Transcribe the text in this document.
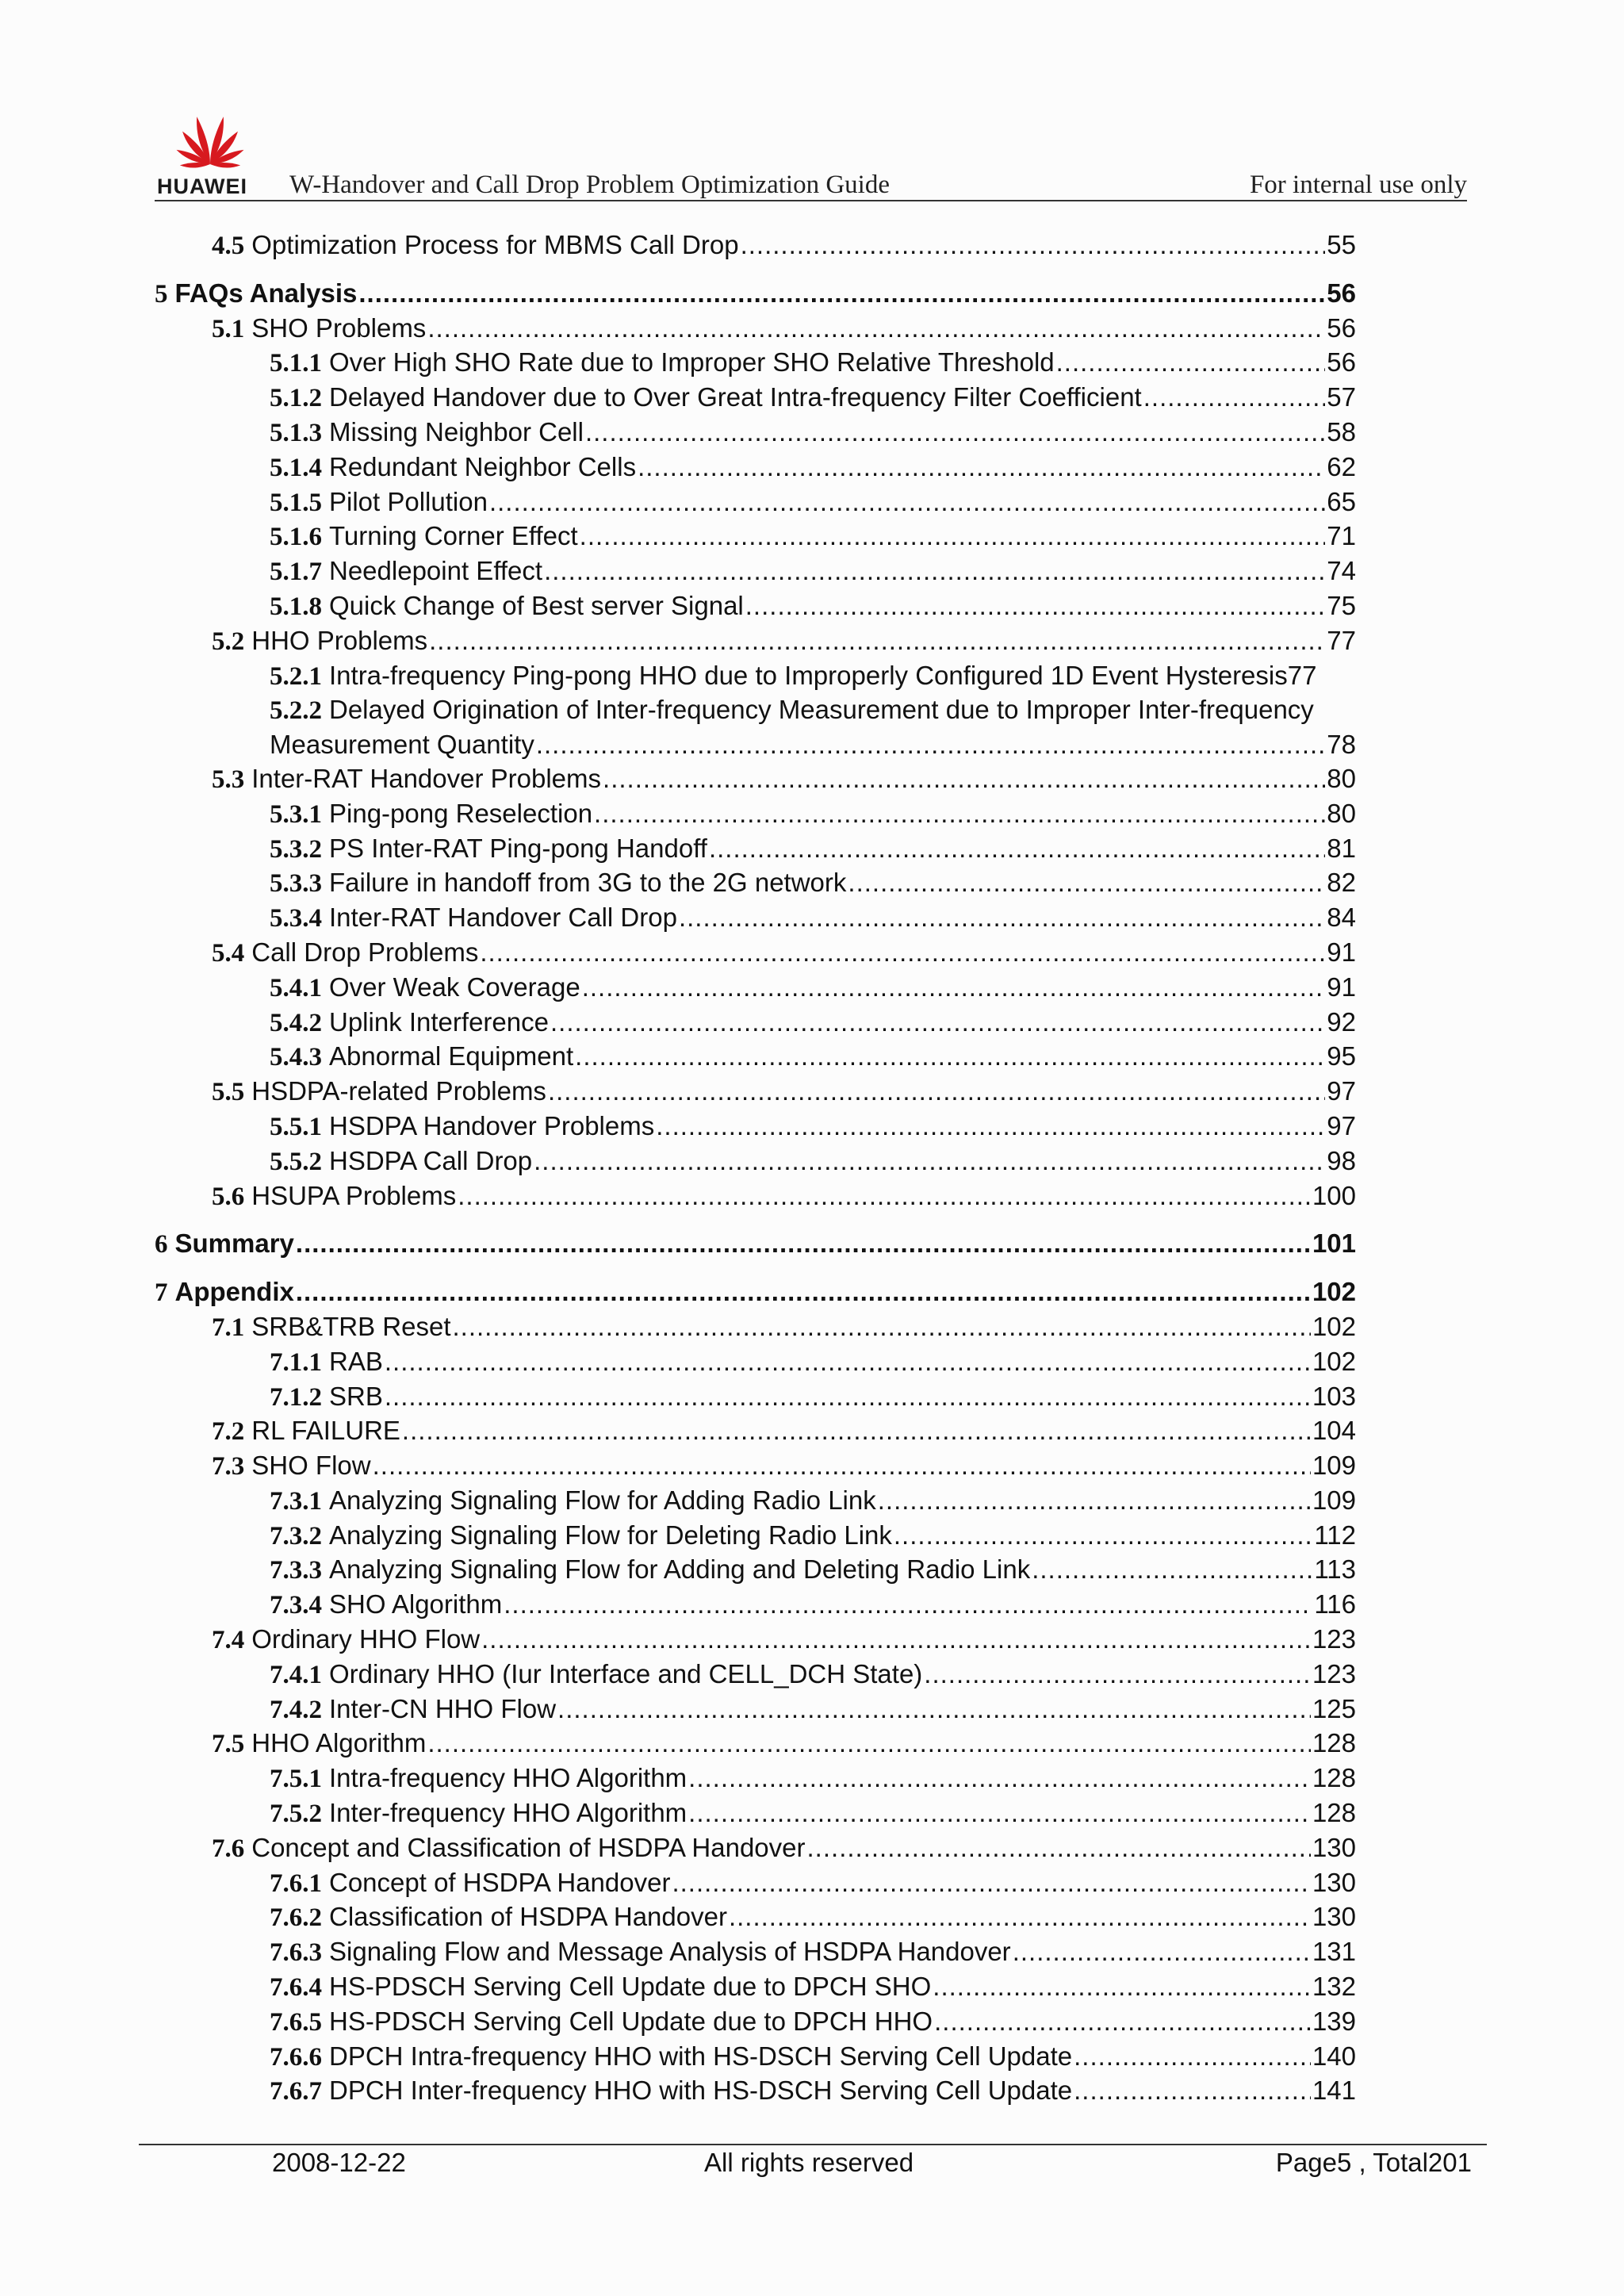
HUAWEI	W-Handover and Call Drop Problem Optimization Guide	For internal use only
4.5 Optimization Process for MBMS Call Drop .....	55
5 FAQs Analysis .....	56
5.1 SHO Problems .....	56
5.1.1 Over High SHO Rate due to Improper SHO Relative Threshold .....	56
5.1.2 Delayed Handover due to Over Great Intra-frequency Filter Coefficient .....	57
5.1.3 Missing Neighbor Cell .....	58
5.1.4 Redundant Neighbor Cells .....	62
5.1.5 Pilot Pollution .....	65
5.1.6 Turning Corner Effect .....	71
5.1.7 Needlepoint Effect .....	74
5.1.8 Quick Change of Best server Signal .....	75
5.2 HHO Problems .....	77
5.2.1 Intra-frequency Ping-pong HHO due to Improperly Configured 1D Event Hysteresis 77
5.2.2 Delayed Origination of Inter-frequency Measurement due to Improper Inter-frequency
Measurement Quantity .....	78
5.3 Inter-RAT Handover Problems .....	80
5.3.1 Ping-pong Reselection .....	80
5.3.2 PS Inter-RAT Ping-pong Handoff .....	81
5.3.3 Failure in handoff from 3G to the 2G network .....	82
5.3.4 Inter-RAT Handover Call Drop .....	84
5.4 Call Drop Problems .....	91
5.4.1 Over Weak Coverage .....	91
5.4.2 Uplink Interference .....	92
5.4.3 Abnormal Equipment .....	95
5.5 HSDPA-related Problems .....	97
5.5.1 HSDPA Handover Problems .....	97
5.5.2 HSDPA Call Drop .....	98
5.6 HSUPA Problems .....	100
6 Summary .....	101
7 Appendix .....	102
7.1 SRB&TRB Reset .....	102
7.1.1 RAB .....	102
7.1.2 SRB .....	103
7.2 RL FAILURE .....	104
7.3 SHO Flow .....	109
7.3.1 Analyzing Signaling Flow for Adding Radio Link .....	109
7.3.2 Analyzing Signaling Flow for Deleting Radio Link .....	112
7.3.3 Analyzing Signaling Flow for Adding and Deleting Radio Link .....	113
7.3.4 SHO Algorithm .....	116
7.4 Ordinary HHO Flow .....	123
7.4.1 Ordinary HHO (Iur Interface and CELL_DCH State) .....	123
7.4.2 Inter-CN HHO Flow .....	125
7.5 HHO Algorithm .....	128
7.5.1 Intra-frequency HHO Algorithm .....	128
7.5.2 Inter-frequency HHO Algorithm .....	128
7.6 Concept and Classification of HSDPA Handover .....	130
7.6.1 Concept of HSDPA Handover .....	130
7.6.2 Classification of HSDPA Handover .....	130
7.6.3 Signaling Flow and Message Analysis of HSDPA Handover .....	131
7.6.4 HS-PDSCH Serving Cell Update due to DPCH SHO .....	132
7.6.5 HS-PDSCH Serving Cell Update due to DPCH HHO .....	139
7.6.6 DPCH Intra-frequency HHO with HS-DSCH Serving Cell Update .....	140
7.6.7 DPCH Inter-frequency HHO with HS-DSCH Serving Cell Update .....	141
2008-12-22	All rights reserved	Page5 , Total201
